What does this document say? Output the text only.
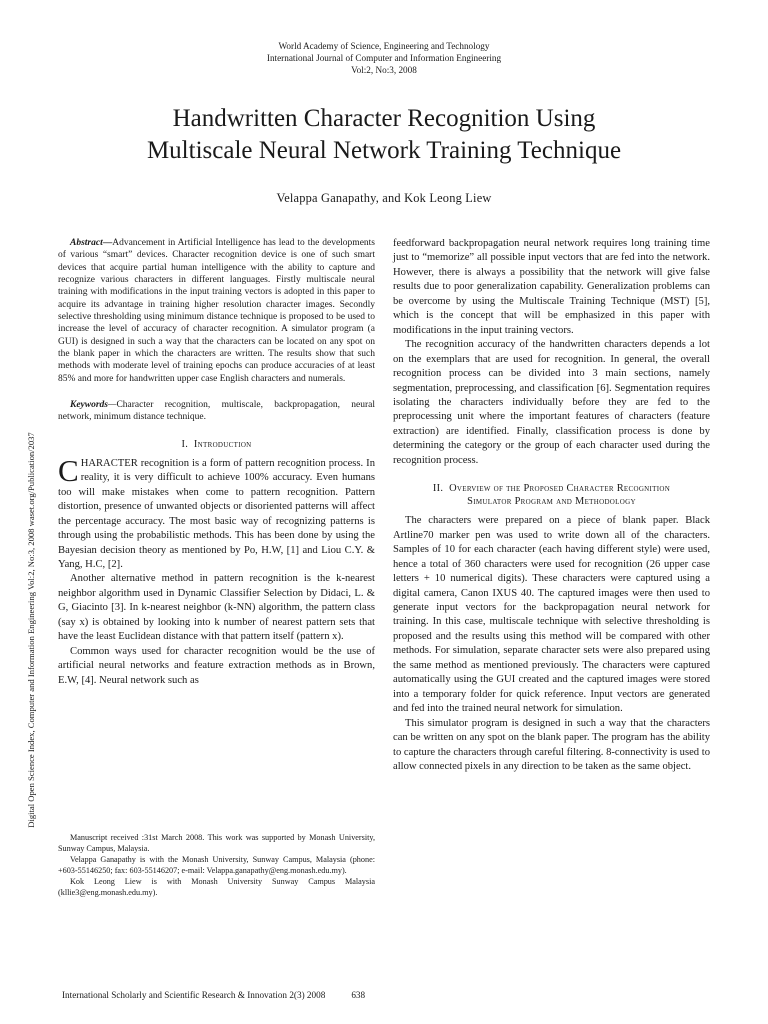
World Academy of Science, Engineering and Technology
International Journal of Computer and Information Engineering
Vol:2, No:3, 2008
Handwritten Character Recognition Using
Multiscale Neural Network Training Technique
Velappa Ganapathy, and Kok Leong Liew
Digital Open Science Index, Computer and Information Engineering Vol:2, No:3, 2008 waset.org/Publication/2037

Abstract—Advancement in Artificial Intelligence has lead to the developments of various “smart” devices. Character recognition device is one of such smart devices that acquire partial human intelligence with the ability to capture and recognize various characters in different languages. Firstly multiscale neural training with modifications in the input training vectors is adopted in this paper to acquire its advantage in training higher resolution character images. Secondly selective thresholding using minimum distance technique is proposed to be used to increase the level of accuracy of character recognition. A simulator program (a GUI) is designed in such a way that the characters can be located on any spot on the blank paper in which the characters are written. The results show that such methods with moderate level of training epochs can produce accuracies of at least 85% and more for handwritten upper case English characters and numerals.

Keywords—Character recognition, multiscale, backpropagation, neural network, minimum distance technique.

I. Introduction

CHARACTER recognition is a form of pattern recognition process. In reality, it is very difficult to achieve 100% accuracy. Even humans too will make mistakes when come to pattern recognition. Pattern distortion, presence of unwanted objects or disoriented patterns will affect the percentage accuracy. The most basic way of recognizing patterns is through using the probabilistic methods. This has been done by using the Bayesian decision theory as mentioned by Po, H.W, [1] and Liou C.Y. & Yang, H.C, [2].

Another alternative method in pattern recognition is the k-nearest neighbor algorithm used in Dynamic Classifier Selection by Didaci, L. & G, Giacinto [3]. In k-nearest neighbor (k-NN) algorithm, the pattern class (say x) is obtained by looking into k number of nearest pattern sets that have the least Euclidean distance with that pattern itself (pattern x).

Common ways used for character recognition would be the use of artificial neural networks and feature extraction methods as in Brown, E.W, [4]. Neural network such as

Manuscript received :31st March 2008. This work was supported by Monash University, Sunway Campus, Malaysia.

Velappa Ganapathy is with the Monash University, Sunway Campus, Malaysia (phone: +603-55146250; fax: 603-55146207; e-mail: Velappa.ganapathy@eng.monash.edu.my).

Kok Leong Liew is with Monash University Sunway Campus Malaysia (kllie3@eng.monash.edu.my).

feedforward backpropagation neural network requires long training time just to “memorize” all possible input vectors that are fed into the network. However, there is always a possibility that the network will give false results due to poor generalization capability. Generalization problems can be overcome by using the Multiscale Training Technique (MST) [5], which is the concept that will be emphasized in this paper with modifications in the input training vectors.

The recognition accuracy of the handwritten characters depends a lot on the exemplars that are used for recognition. In general, the overall recognition process can be divided into 3 main sections, namely segmentation, preprocessing, and classification [6]. Segmentation requires isolating the characters individually before they are fed to the preprocessing unit where the important features of characters (feature extraction) are identified. Finally, classification process is done by determining the category or the group of each character used during the recognition process.

II. Overview of the Proposed Character Recognition
Simulator Program and Methodology

The characters were prepared on a piece of blank paper. Black Artline70 marker pen was used to write down all of the characters. Samples of 10 for each character (each having different style) were used, hence a total of 360 characters were used for recognition (26 upper case letters + 10 numerical digits). These characters were captured using a digital camera, Canon IXUS 40. The captured images were then used to generate input vectors for the backpropagation neural network for training. In this case, multiscale technique with selective thresholding is proposed and the results using this method will be compared with other methods. For simulation, separate character sets were also prepared using the same method as mentioned previously. The characters were captured automatically using the GUI created and the captured images were stored into a temporary folder for quick reference. Input vectors are generated and fed into the trained neural network for simulation.

This simulator program is designed in such a way that the characters can be written on any spot on the blank paper. The program has the ability to capture the characters through careful filtering. 8-connectivity is used to allow connected pixels in any direction to be taken as the same object.

International Scholarly and Scientific Research & Innovation 2(3) 2008	638
